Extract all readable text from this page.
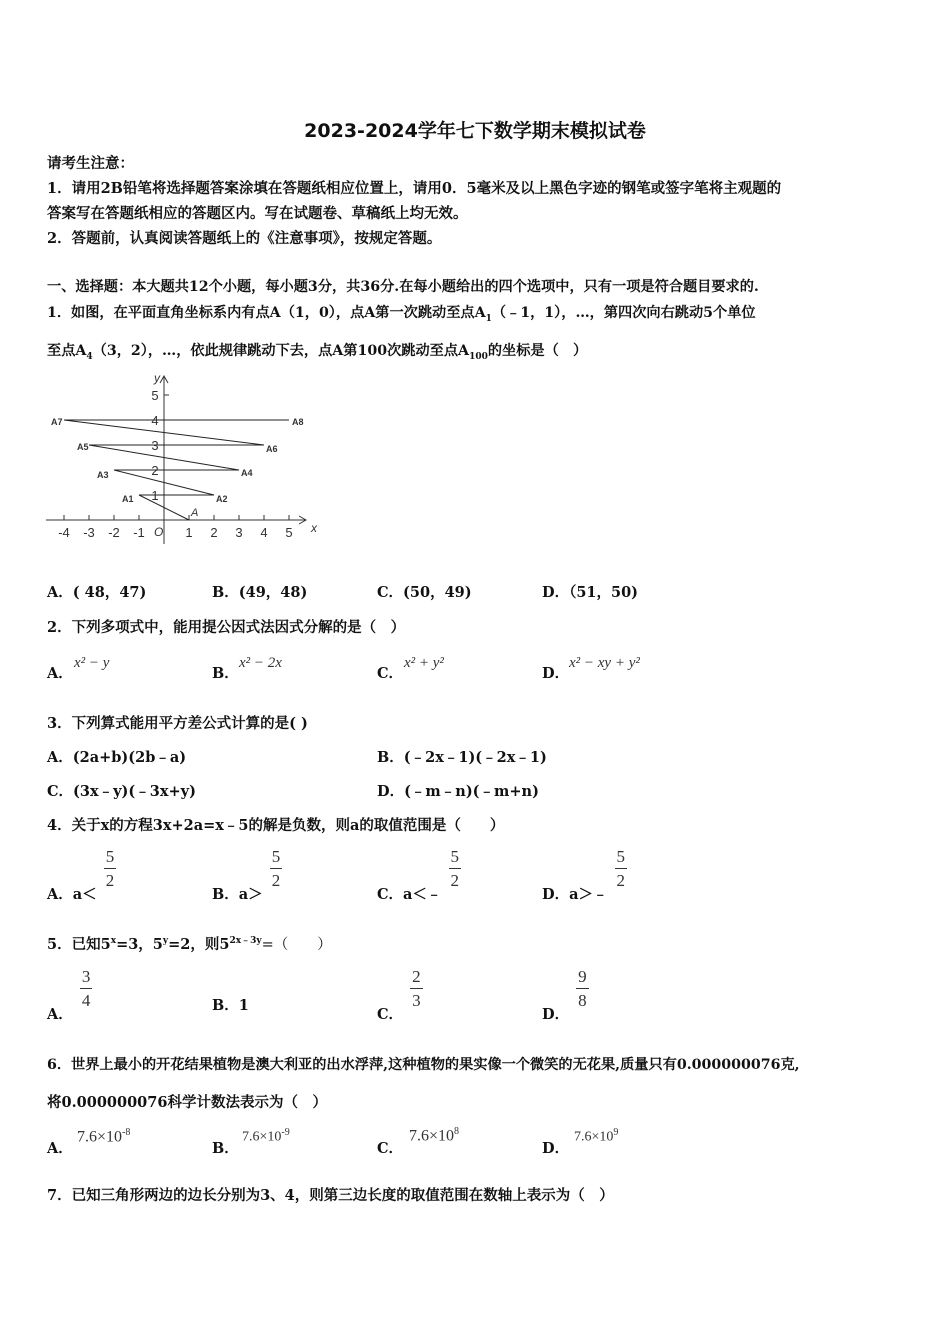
2023-2024学年七下数学期末模拟试卷
请考生注意：
1．请用2B铅笔将选择题答案涂填在答题纸相应位置上，请用0．5毫米及以上黑色字迹的钢笔或签字笔将主观题的
答案写在答题纸相应的答题区内。写在试题卷、草稿纸上均无效。
2．答题前，认真阅读答题纸上的《注意事项》，按规定答题。
一、选择题：本大题共12个小题，每小题3分，共36分.在每小题给出的四个选项中，只有一项是符合题目要求的.
1．如图，在平面直角坐标系内有点A（1，0），点A第一次跳动至点$A_1(﹣1$，1），…，第四次向右跳动5个单位
至点$A_4(3$，2），…，依此规律跳动下去，点A第100次跳动至点$A_{100}$的坐标是（　）
-4 -3 -2 -1	1 2 3 4 5
1
2
3
4
5
x
y
O
A
A1	A2
A3	A4
A5	A6
A7	A8
A．( 48，47)	B．(49，48)	C．(50，49)	D．（51，50)
2．下列多项式中，能用提公因式法因式分解的是（　）
A．
x² − y
B．
x² − 2x
C．
x² + y²
D．
x² − xy + y²
3．下列算式能用平方差公式计算的是( )
A．(2a+b)(2b﹣a)	B．(﹣2x﹣1)(﹣2x﹣1)
C．(3x﹣y)(﹣3x+y)	D．(﹣m﹣n)(﹣m+n)
4．关于x的方程3x+2a=x﹣5的解是负数，则a的取值范围是（　　）
A．a＜
$\frac{5}{2}$
B．a＞
$\frac{5}{2}$
C．a＜﹣
$\frac{5}{2}$
D．a＞﹣
$\frac{5}{2}$
5．已知$5^x=3$，$5^y=2$，则$5^{2x﹣3y}=$（　　）
A．
$\frac{3}{4}$	B．1	C．
$\frac{2}{3}$
D．
$\frac{9}{8}$
6．世界上最小的开花结果植物是澳大利亚的出水浮萍,这种植物的果实像一个微笑的无花果,质量只有0.000000076克,
将0.000000076科学计数法表示为（　）
A．
$7.6\times 10^{-8}$
B．
$7.6\times 10^{-9}$
C．
$7.6\times 10^8$
D．
$7.6\times 10^9$
7．已知三角形两边的边长分别为3、4，则第三边长度的取值范围在数轴上表示为（　）
